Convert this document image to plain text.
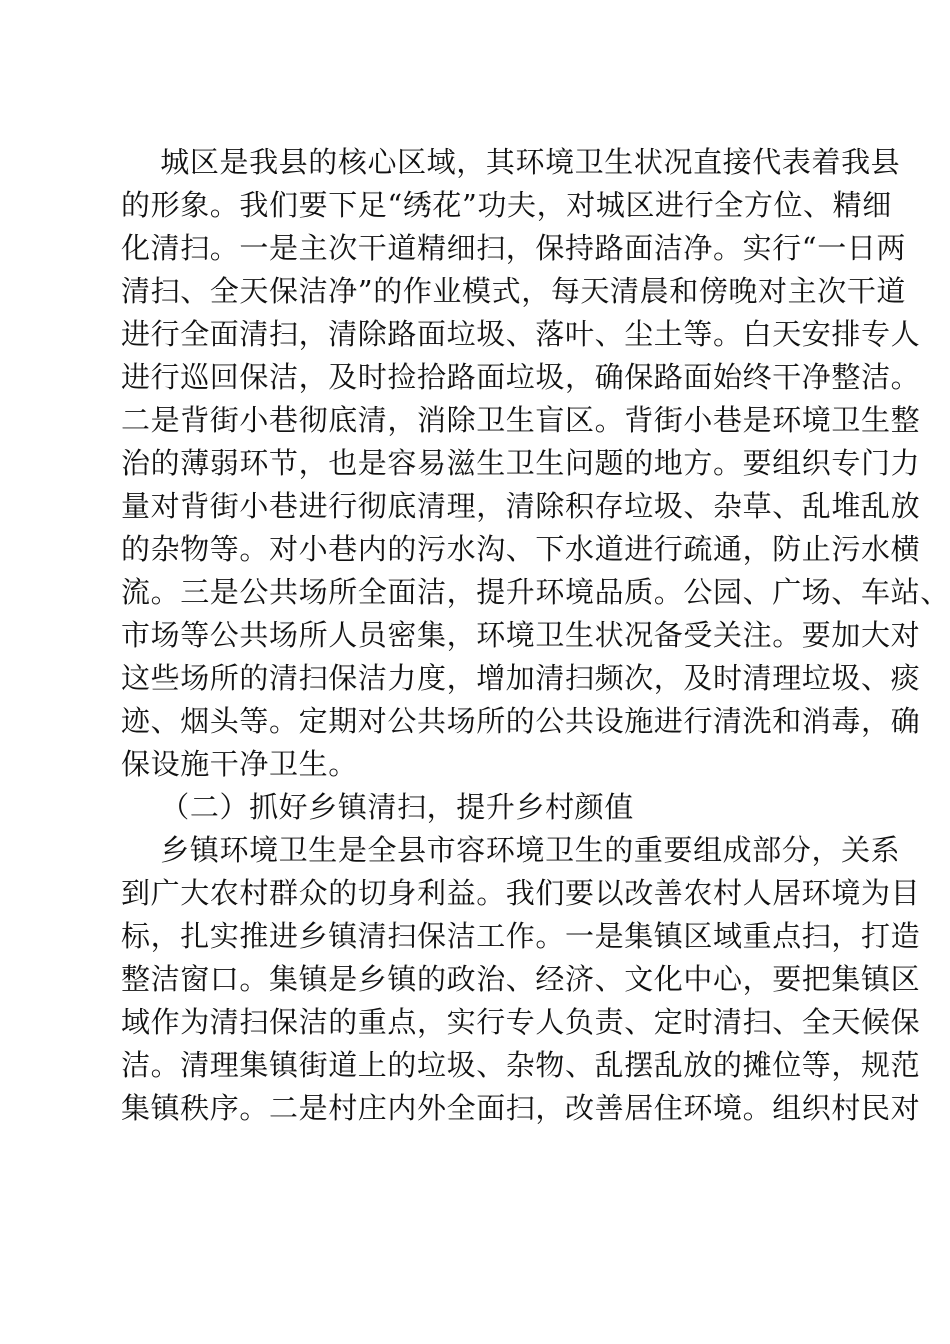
城区是我县的核心区域，其环境卫生状况直接代表着我县
的形象。我们要下足“绣花”功夫，对城区进行全方位、精细
化清扫。一是主次干道精细扫，保持路面洁净。实行“一日两
清扫、全天保洁净”的作业模式，每天清晨和傍晚对主次干道
进行全面清扫，清除路面垃圾、落叶、尘土等。白天安排专人
进行巡回保洁，及时捡拾路面垃圾，确保路面始终干净整洁。
二是背街小巷彻底清，消除卫生盲区。背街小巷是环境卫生整
治的薄弱环节，也是容易滋生卫生问题的地方。要组织专门力
量对背街小巷进行彻底清理，清除积存垃圾、杂草、乱堆乱放
的杂物等。对小巷内的污水沟、下水道进行疏通，防止污水横
流。三是公共场所全面洁，提升环境品质。公园、广场、车站、
市场等公共场所人员密集，环境卫生状况备受关注。要加大对
这些场所的清扫保洁力度，增加清扫频次，及时清理垃圾、痰
迹、烟头等。定期对公共场所的公共设施进行清洗和消毒，确
保设施干净卫生。
（二）抓好乡镇清扫，提升乡村颜值
乡镇环境卫生是全县市容环境卫生的重要组成部分，关系
到广大农村群众的切身利益。我们要以改善农村人居环境为目
标，扎实推进乡镇清扫保洁工作。一是集镇区域重点扫，打造
整洁窗口。集镇是乡镇的政治、经济、文化中心，要把集镇区
域作为清扫保洁的重点，实行专人负责、定时清扫、全天候保
洁。清理集镇街道上的垃圾、杂物、乱摆乱放的摊位等，规范
集镇秩序。二是村庄内外全面扫，改善居住环境。组织村民对
